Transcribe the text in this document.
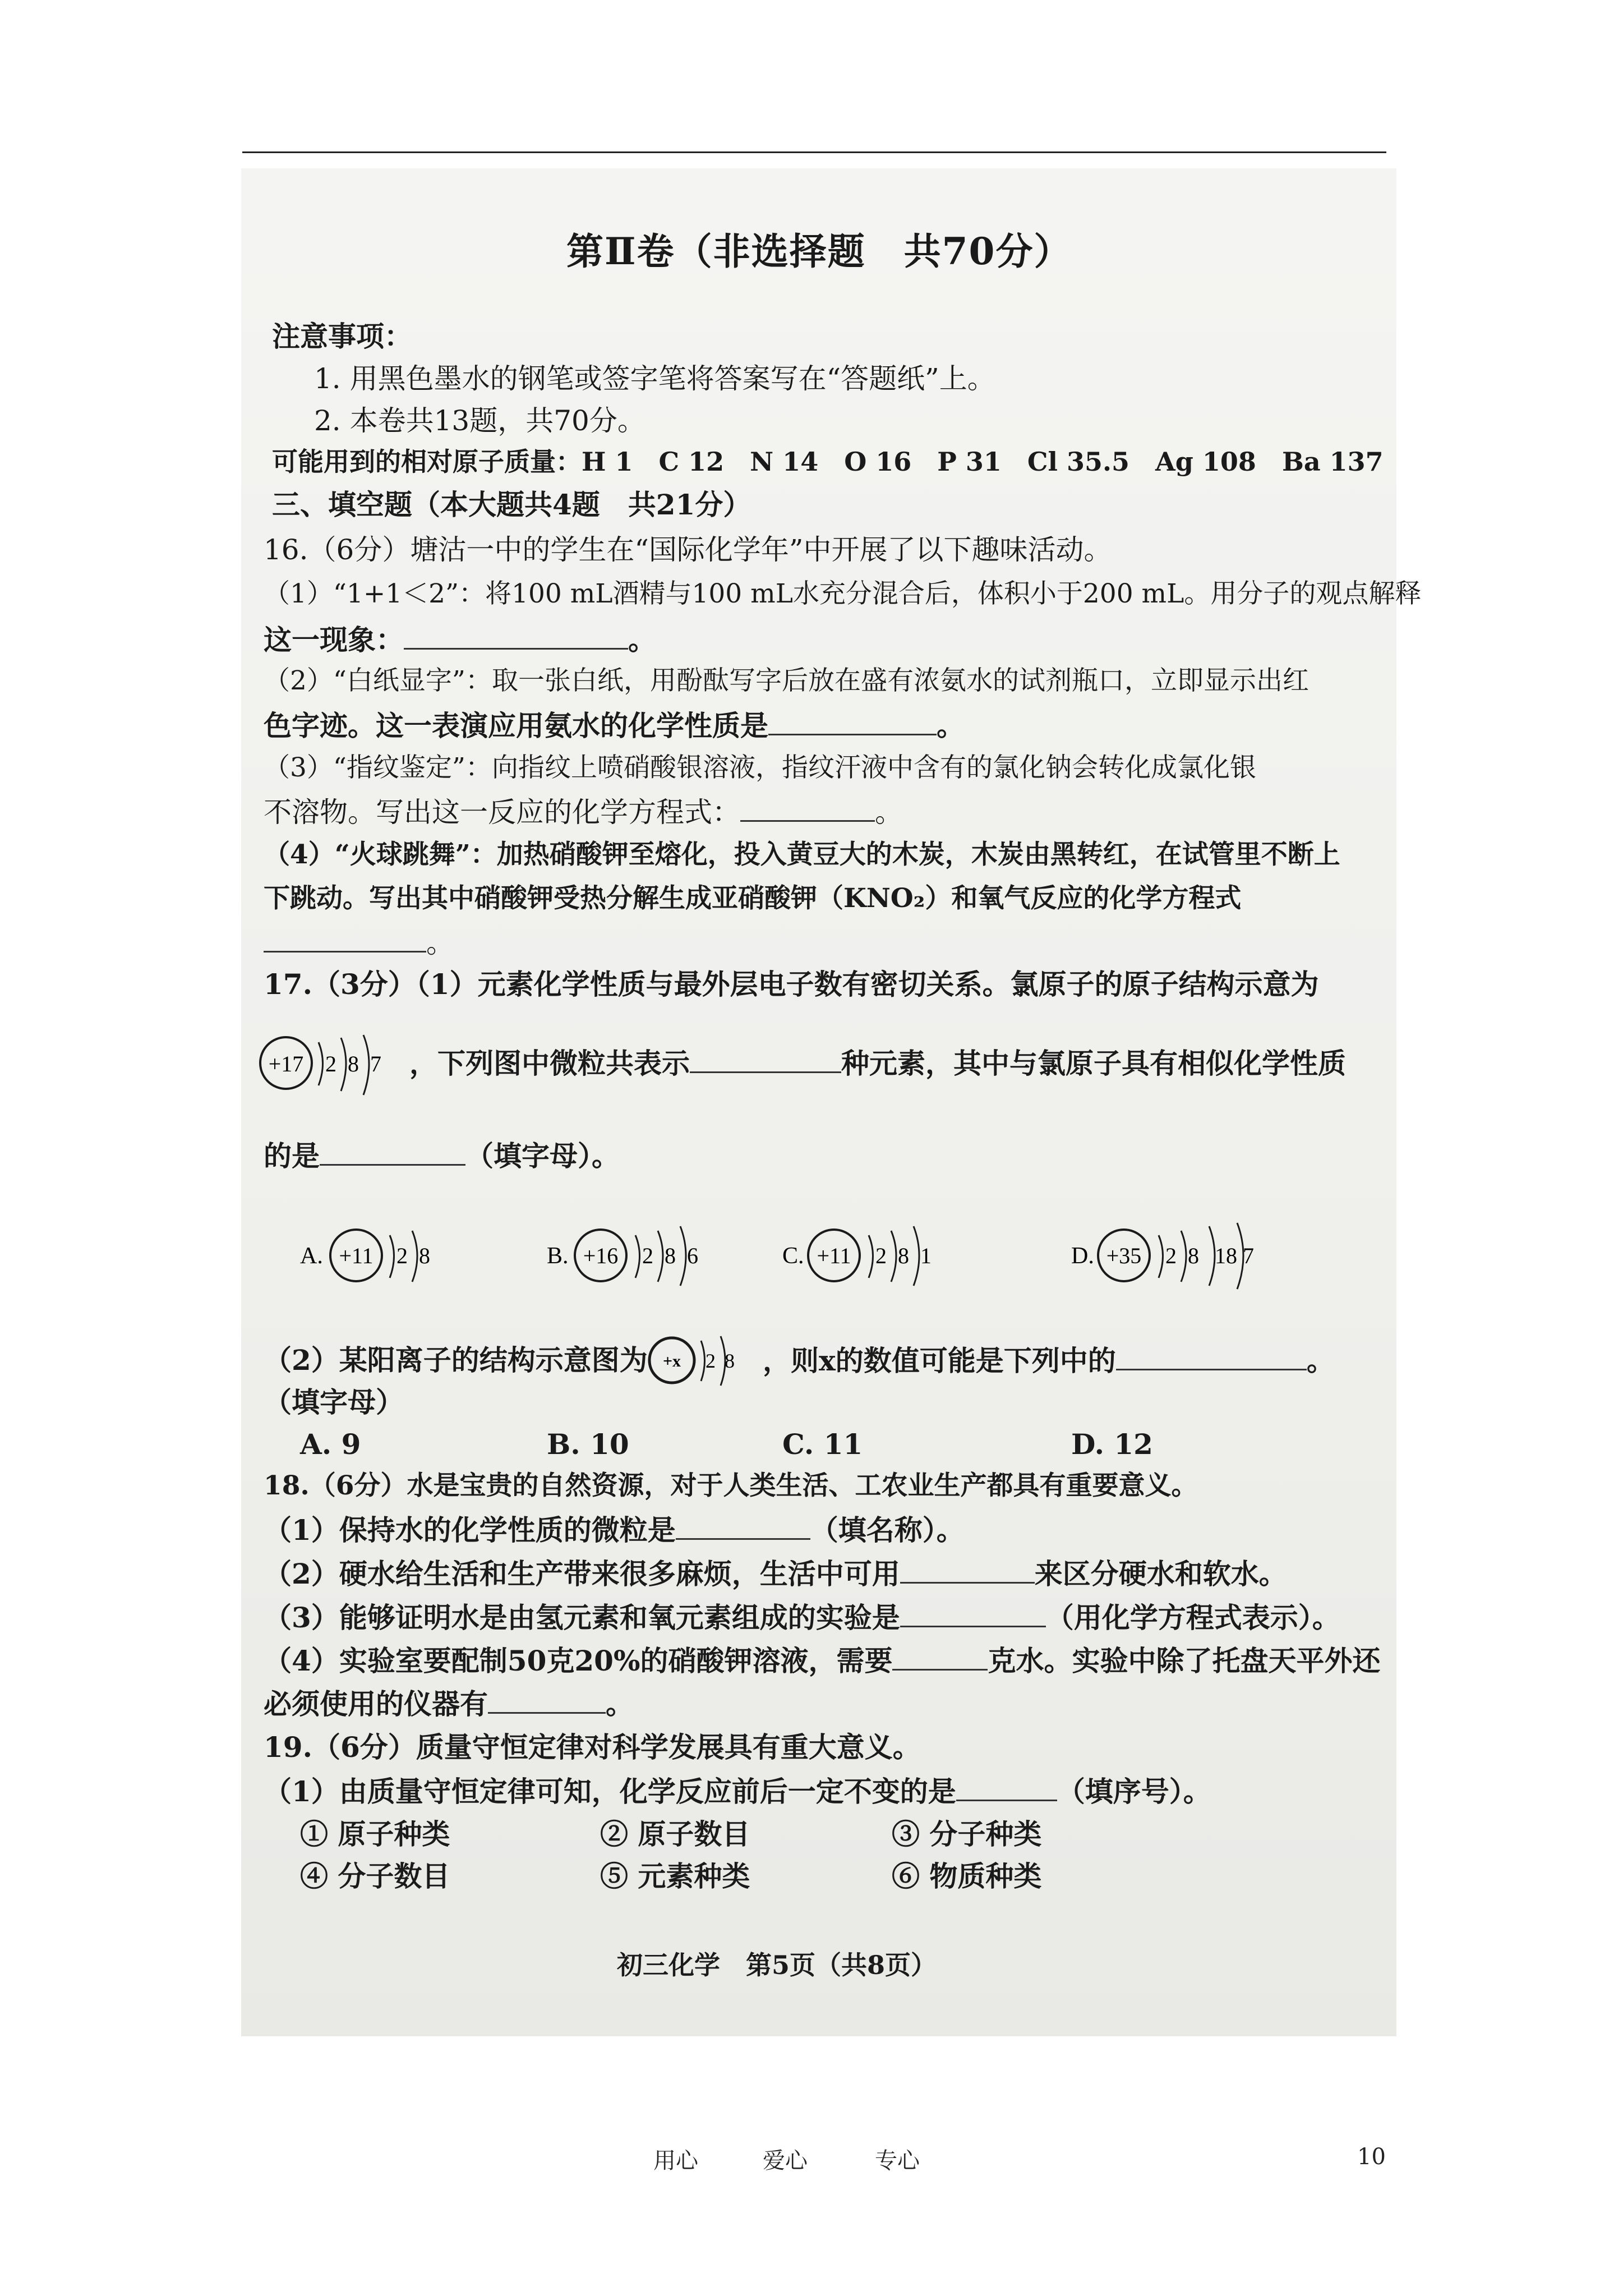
第Ⅱ卷（非选择题　共70分）
注意事项：
1. 用黑色墨水的钢笔或签字笔将答案写在“答题纸”上。
2. 本卷共13题，共70分。
可能用到的相对原子质量：H 1　C 12　N 14　O 16　P 31　Cl 35.5　Ag 108　Ba 137
三、填空题（本大题共4题　共21分）
16.（6分）塘沽一中的学生在“国际化学年”中开展了以下趣味活动。
（1）“1+1＜2”：将100 mL酒精与100 mL水充分混合后，体积小于200 mL。用分子的观点解释
这一现象：	。
（2）“白纸显字”：取一张白纸，用酚酞写字后放在盛有浓氨水的试剂瓶口，立即显示出红
色字迹。这一表演应用氨水的化学性质是	。
（3）“指纹鉴定”：向指纹上喷硝酸银溶液，指纹汗液中含有的氯化钠会转化成氯化银
不溶物。写出这一反应的化学方程式：	。
（4）“火球跳舞”：加热硝酸钾至熔化，投入黄豆大的木炭，木炭由黑转红，在试管里不断上
下跳动。写出其中硝酸钾受热分解生成亚硝酸钾（KNO₂）和氧气反应的化学方程式
。
17.（3分）（1）元素化学性质与最外层电子数有密切关系。氯原子的原子结构示意为
+17 2 8 7 ，下列图中微粒共表示	种元素，其中与氯原子具有相似化学性质
的是	（填字母）。
A. +11 2 8	B. +16 2 8 6	C. +11 2 8 1	D. +35 2 8 18 7
（2）某阳离子的结构示意图为 +x 2 8 ，则x的数值可能是下列中的	。
（填字母）
A. 9	B. 10	C. 11	D. 12
18.（6分）水是宝贵的自然资源，对于人类生活、工农业生产都具有重要意义。
（1）保持水的化学性质的微粒是	（填名称）。
（2）硬水给生活和生产带来很多麻烦，生活中可用	来区分硬水和软水。
（3）能够证明水是由氢元素和氧元素组成的实验是	（用化学方程式表示）。
（4）实验室要配制50克20%的硝酸钾溶液，需要	克水。实验中除了托盘天平外还
必须使用的仪器有	。
19.（6分）质量守恒定律对科学发展具有重大意义。
（1）由质量守恒定律可知，化学反应前后一定不变的是	（填序号）。
① 原子种类	② 原子数目	③ 分子种类
④ 分子数目	⑤ 元素种类	⑥ 物质种类
初三化学　第5页（共8页）
用心	爱心	专心	10
